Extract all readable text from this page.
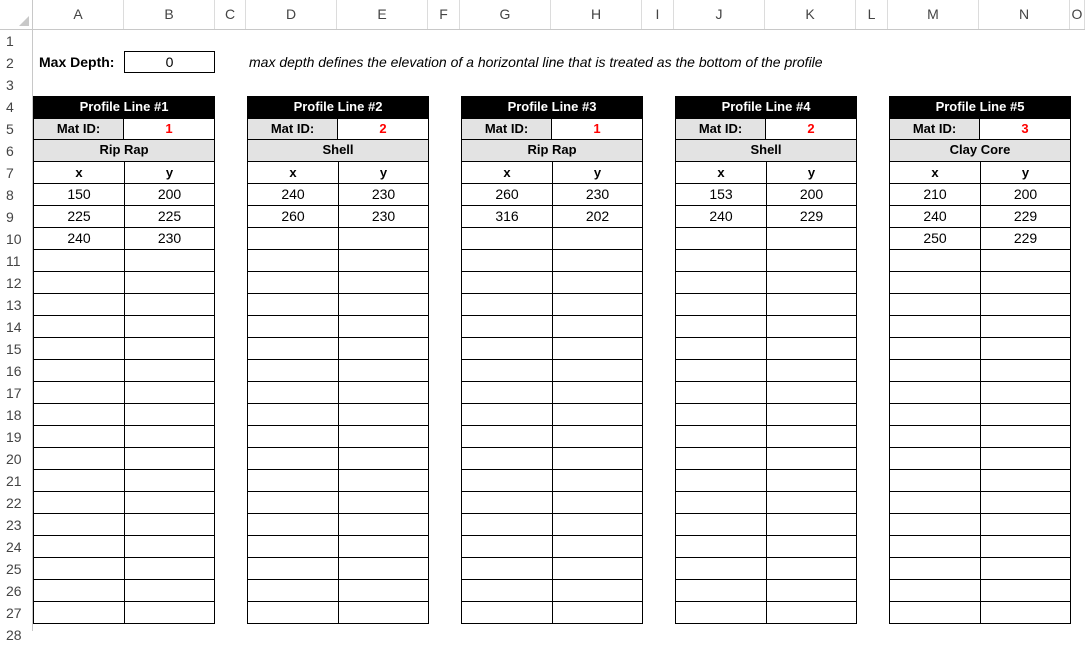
A	B	C	D	E	F	G	H	I	J	K	L	M	N	O
1
2
3
4
5
6
7
8
9
10
11
12
13
14
15
16
17
18
19
20
21
22
23
24
25
26
27
28
Max Depth:	0	max depth defines the elevation of a horizontal line that is treated as the bottom of the profile
Profile Line #1
Mat ID:	1
Rip Rap
x	y
150	200
225	225
240	230
Profile Line #2
Mat ID:	2
Shell
x	y
240	230
260	230
Profile Line #3
Mat ID:	1
Rip Rap
x	y
260	230
316	202
Profile Line #4
Mat ID:	2
Shell
x	y
153	200
240	229
Profile Line #5
Mat ID:	3
Clay Core
x	y
210	200
240	229
250	229
